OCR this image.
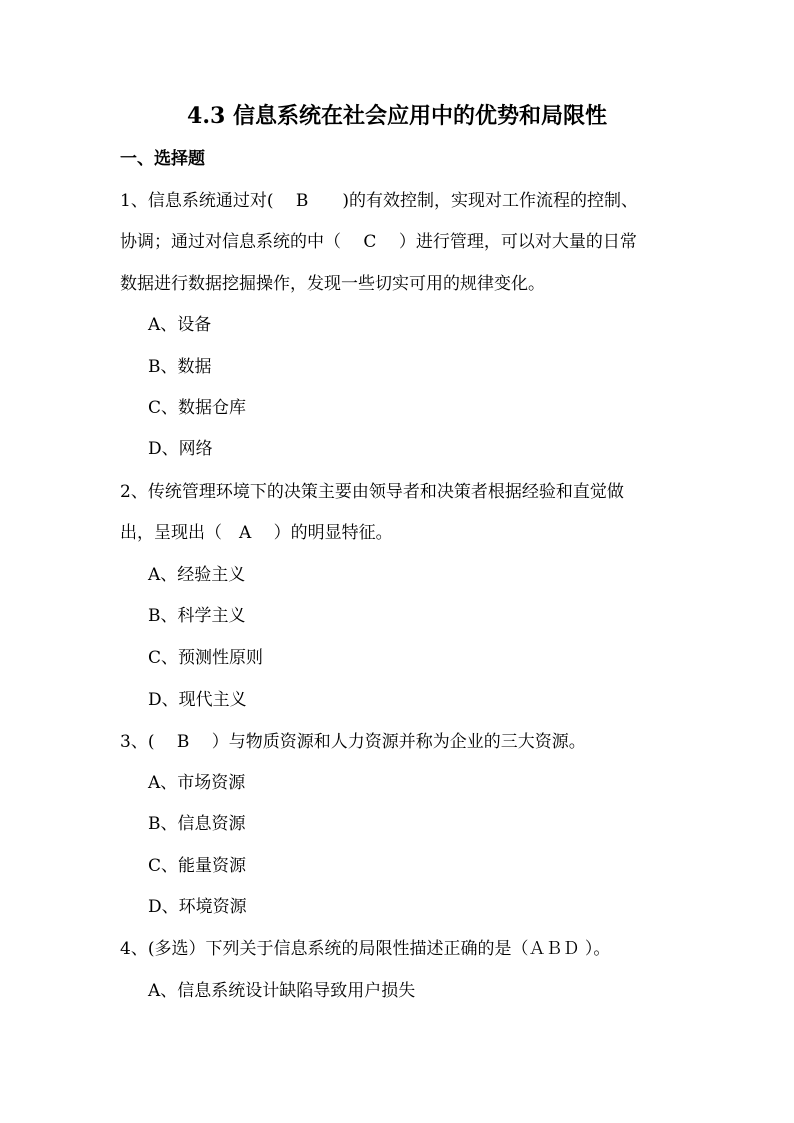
4.3 信息系统在社会应用中的优势和局限性
一、选择题
1、信息系统通过对(　 B　　)的有效控制，实现对工作流程的控制、
协调；通过对信息系统的中（　 C　 ）进行管理，可以对大量的日常
数据进行数据挖掘操作，发现一些切实可用的规律变化。
A、设备
B、数据
C、数据仓库
D、网络
2、传统管理环境下的决策主要由领导者和决策者根据经验和直觉做
出，呈现出（　A　 ）的明显特征。
A、经验主义
B、科学主义
C、预测性原则
D、现代主义
3、(　 B　 ）与物质资源和人力资源并称为企业的三大资源。
A、市场资源
B、信息资源
C、能量资源
D、环境资源
4、(多选）下列关于信息系统的局限性描述正确的是（ＡＢＤ ）。
A、信息系统设计缺陷导致用户损失
